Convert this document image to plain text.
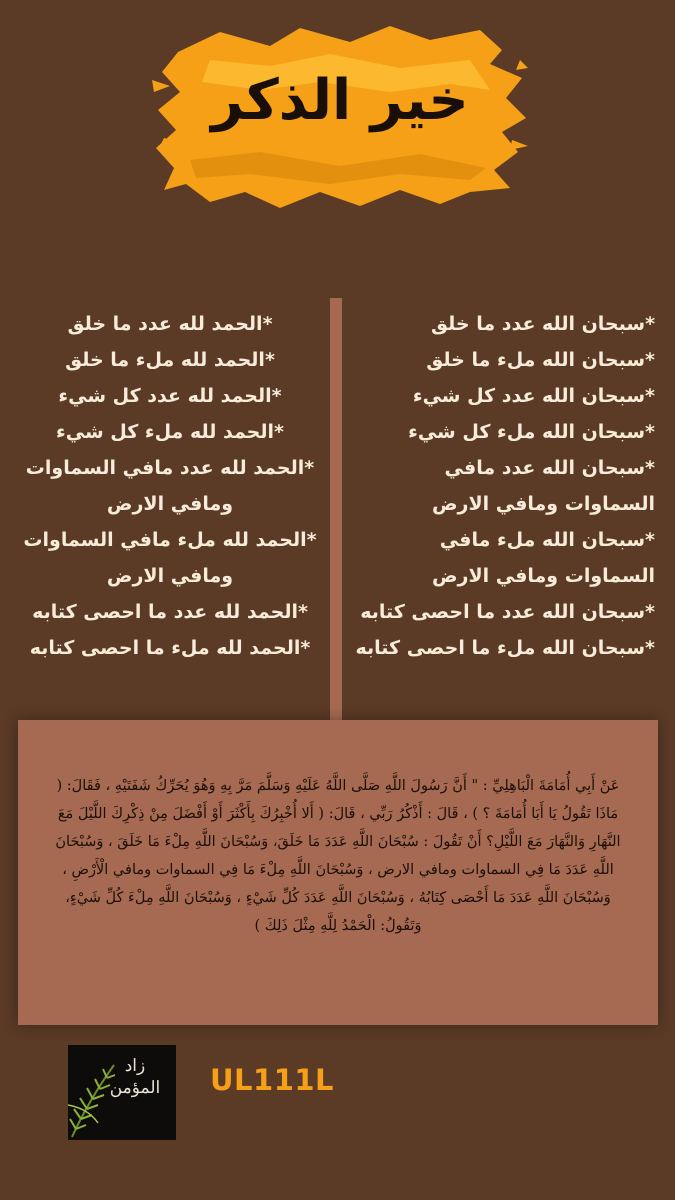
خير الذكر
*سبحان الله عدد ما خلق
*سبحان الله ملء ما خلق
*سبحان الله عدد كل شيء
*سبحان الله ملء كل شيء
*سبحان الله عدد مافي السماوات ومافي الارض
*سبحان الله ملء مافي السماوات ومافي الارض
*سبحان الله عدد ما احصى كتابه
*سبحان الله ملء ما احصى كتابه
*الحمد لله عدد ما خلق
*الحمد لله ملء ما خلق
*الحمد لله عدد كل شيء
*الحمد لله ملء كل شيء
*الحمد لله عدد مافي السماوات ومافي الارض
*الحمد لله ملء مافي السماوات ومافي الارض
*الحمد لله عدد ما احصى كتابه
*الحمد لله ملء ما احصى كتابه
عَنْ أَبِي أُمَامَةَ الْبَاهِلِيِّ : " أَنَّ رَسُولَ اللَّهِ صَلَّى اللَّهُ عَلَيْهِ وَسَلَّمَ مَرَّ بِهِ وَهُوَ يُحَرِّكُ شَفَتَيْهِ ، فَقَالَ: ( مَاذَا تَقُولُ يَا أَبَا أُمَامَةَ ؟ ) ، قَالَ : أَذْكُرُ رَبِّي ، قَالَ: ( أَلا أُخْبِرُكَ بِأَكْثَرَ أَوْ أَفْضَلَ مِنْ ذِكْرِكَ اللَّيْلَ مَعَ النَّهَارِ وَالنَّهَارَ مَعَ اللَّيْلِ؟ أَنْ تَقُولَ : سُبْحَانَ اللَّهِ عَدَدَ مَا خَلَقَ، وَسُبْحَانَ اللَّهِ مِلْءَ مَا خَلَقَ ، وَسُبْحَانَ اللَّهِ عَدَدَ مَا فِي السماوات ومافي الارض ، وَسُبْحَانَ اللَّهِ مِلْءَ مَا فِي السماوات ومافي الْأَرْضِ ، وَسُبْحَانَ اللَّهِ عَدَدَ مَا أَحْصَى كِتَابُهُ ، وَسُبْحَانَ اللَّهِ عَدَدَ كُلِّ شَيْءٍ ، وَسُبْحَانَ اللَّهِ مِلْءَ كُلِّ شَيْءٍ، وَتَقُولُ: الْحَمْدُ لِلَّهِ مِثْلَ ذَلِكَ )
زاد
المؤمن	UL111L
